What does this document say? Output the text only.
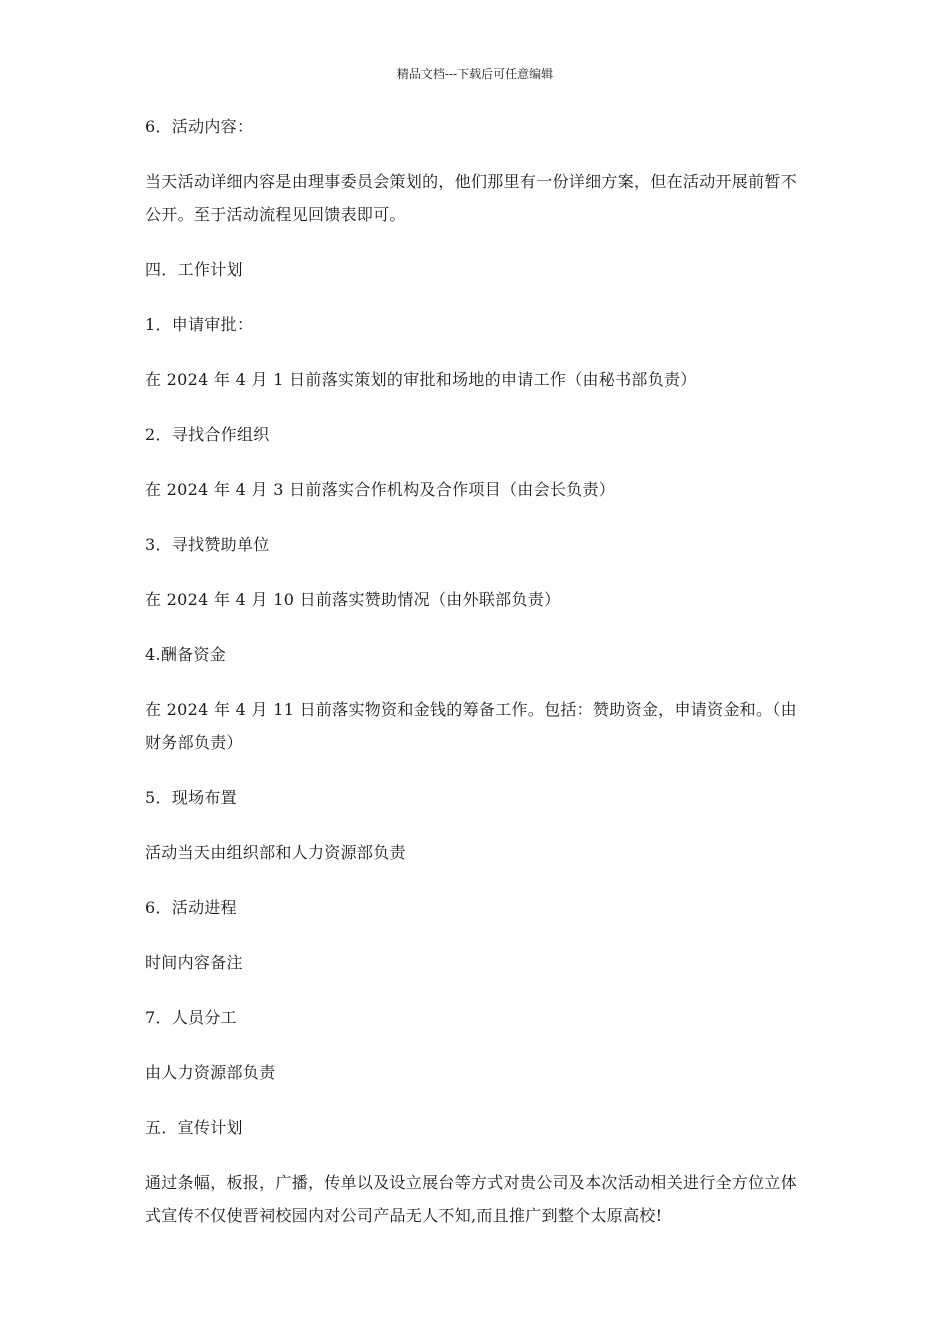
精品文档---下载后可任意编辑

6．活动内容：

当天活动详细内容是由理事委员会策划的，他们那里有一份详细方案，但在活动开展前暂不公开。至于活动流程见回馈表即可。

四．工作计划

1．申请审批：

在 2024 年 4 月 1 日前落实策划的审批和场地的申请工作（由秘书部负责）

2．寻找合作组织

在 2024 年 4 月 3 日前落实合作机构及合作项目（由会长负责）

3．寻找赞助单位

在 2024 年 4 月 10 日前落实赞助情况（由外联部负责）

4.酬备资金

在 2024 年 4 月 11 日前落实物资和金钱的筹备工作。包括：赞助资金，申请资金和。（由财务部负责）

5．现场布置

活动当天由组织部和人力资源部负责

6．活动进程

时间内容备注

7．人员分工

由人力资源部负责

五．宣传计划

通过条幅，板报，广播，传单以及设立展台等方式对贵公司及本次活动相关进行全方位立体式宣传不仅使晋祠校园内对公司产品无人不知,而且推广到整个太原高校!
